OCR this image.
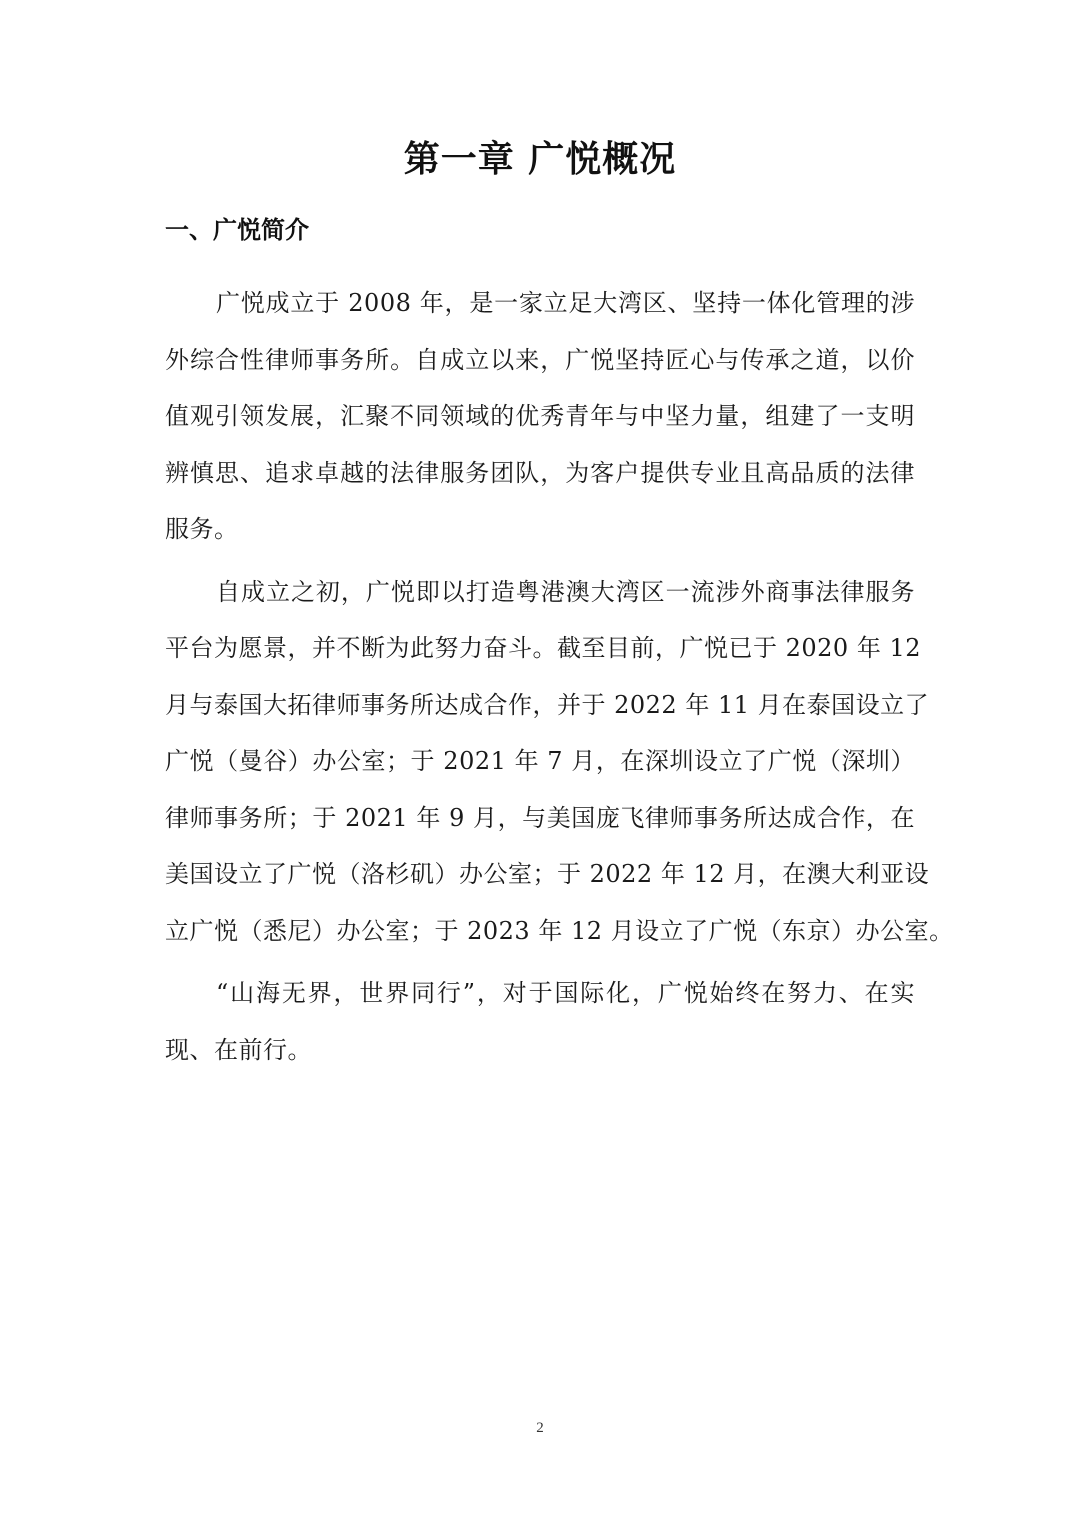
第一章 广悦概况
一、广悦简介

广悦成立于 2008 年，是一家立足大湾区、坚持一体化管理的涉
外综合性律师事务所。自成立以来，广悦坚持匠心与传承之道，以价
值观引领发展，汇聚不同领域的优秀青年与中坚力量，组建了一支明
辨慎思、追求卓越的法律服务团队，为客户提供专业且高品质的法律
服务。

自成立之初，广悦即以打造粤港澳大湾区一流涉外商事法律服务
平台为愿景，并不断为此努力奋斗。截至目前，广悦已于 2020 年 12
月与泰国大拓律师事务所达成合作，并于 2022 年 11 月在泰国设立了
广悦（曼谷）办公室；于 2021 年 7 月，在深圳设立了广悦（深圳）
律师事务所；于 2021 年 9 月，与美国庞飞律师事务所达成合作，在
美国设立了广悦（洛杉矶）办公室；于 2022 年 12 月，在澳大利亚设
立广悦（悉尼）办公室；于 2023 年 12 月设立了广悦（东京）办公室。

“山海无界，世界同行”，对于国际化，广悦始终在努力、在实
现、在前行。

2
